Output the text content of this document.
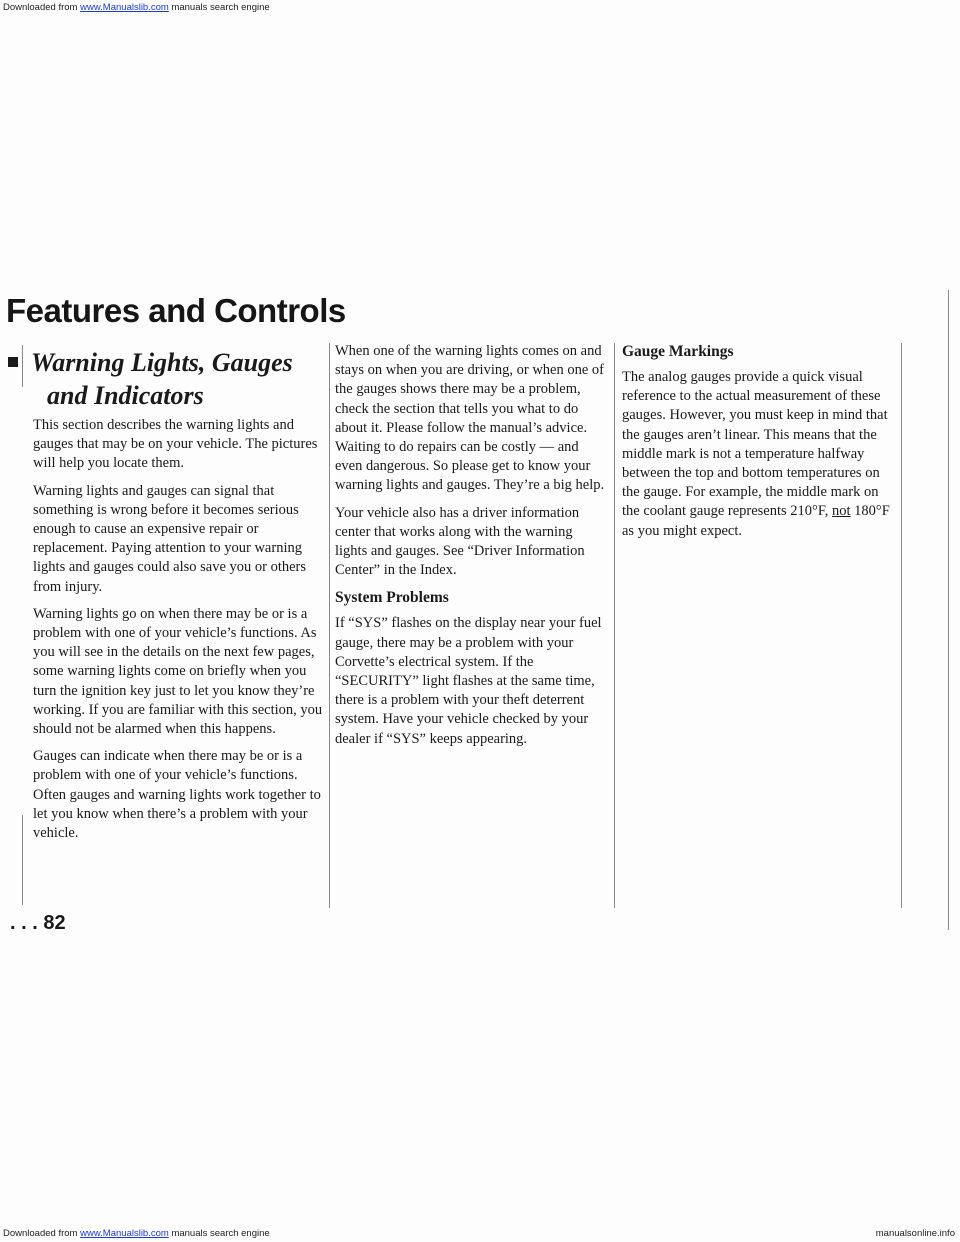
Downloaded from www.Manualslib.com manuals search engine
Features and Controls
Warning Lights, Gauges
and Indicators

This section describes the warning lights and gauges that may be on your vehicle. The pictures will help you locate them.

Warning lights and gauges can signal that something is wrong before it becomes serious enough to cause an expensive repair or replacement. Paying attention to your warning lights and gauges could also save you or others from injury.

Warning lights go on when there may be or is a problem with one of your vehicle’s functions. As you will see in the details on the next few pages, some warning lights come on briefly when you turn the ignition key just to let you know they’re working. If you are familiar with this section, you should not be alarmed when this happens.

Gauges can indicate when there may be or is a problem with one of your vehicle’s functions. Often gauges and warning lights work together to let you know when there’s a problem with your vehicle.

When one of the warning lights comes on and stays on when you are driving, or when one of the gauges shows there may be a problem, check the section that tells you what to do about it. Please follow the manual’s advice. Waiting to do repairs can be costly — and even dangerous. So please get to know your warning lights and gauges. They’re a big help.

Your vehicle also has a driver information center that works along with the warning lights and gauges. See “Driver Information Center” in the Index.

System Problems

If “SYS” flashes on the display near your fuel gauge, there may be a problem with your Corvette’s electrical system. If the “SECURITY” light flashes at the same time, there is a problem with your theft deterrent system. Have your vehicle checked by your dealer if “SYS” keeps appearing.

Gauge Markings

The analog gauges provide a quick visual reference to the actual measurement of these gauges. However, you must keep in mind that the gauges aren’t linear. This means that the middle mark is not a temperature halfway between the top and bottom temperatures on the gauge. For example, the middle mark on the coolant gauge represents 210°F, not 180°F as you might expect.

. . . 82
Downloaded from www.Manualslib.com manuals search engine	manualsonline.info
